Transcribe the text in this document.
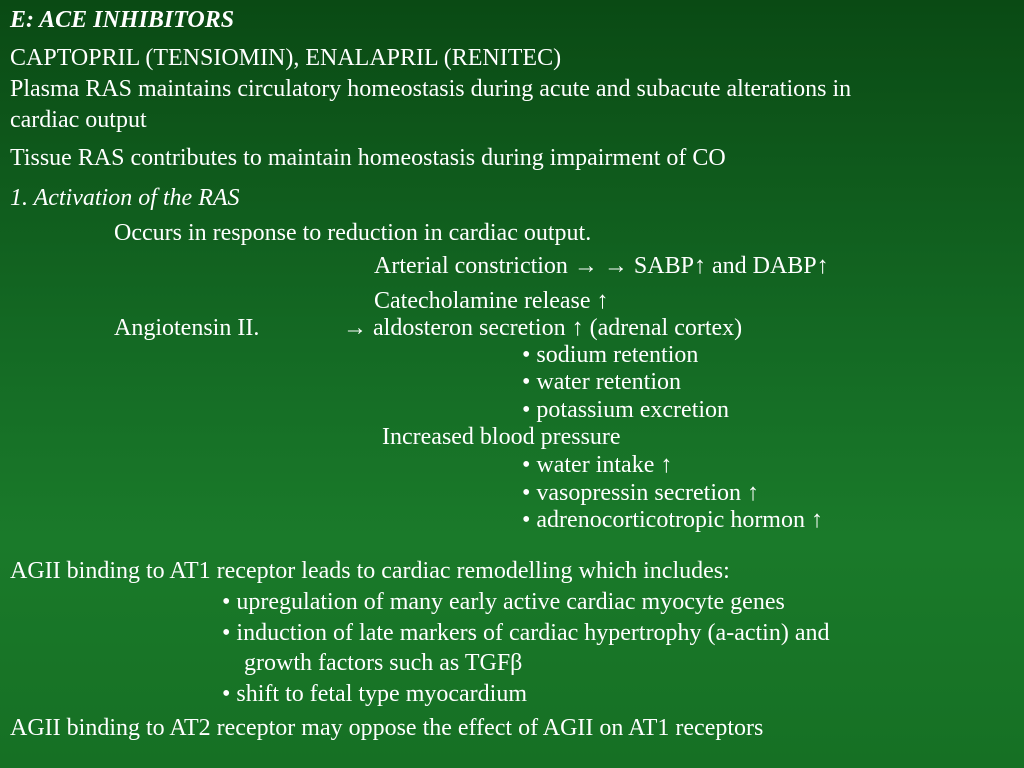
E: ACE INHIBITORS
CAPTOPRIL (TENSIOMIN), ENALAPRIL (RENITEC)
Plasma RAS maintains circulatory homeostasis during acute and subacute alterations in
cardiac output
Tissue RAS contributes to maintain homeostasis during impairment of CO
1. Activation of the RAS
Occurs in response to reduction in cardiac output.
Arterial constriction → → SABP↑ and DABP↑
Catecholamine release ↑
Angiotensin II.	→ aldosteron secretion ↑ (adrenal cortex)
• sodium retention
• water retention
• potassium excretion
Increased blood pressure
• water intake ↑
• vasopressin secretion ↑
• adrenocorticotropic hormon ↑
AGII binding to AT1 receptor leads to cardiac remodelling which includes:
• upregulation of many early active cardiac myocyte genes
• induction of late markers of cardiac hypertrophy (a-actin) and
growth factors such as TGFβ
• shift to fetal type myocardium
AGII binding to AT2 receptor may oppose the effect of AGII on AT1 receptors
